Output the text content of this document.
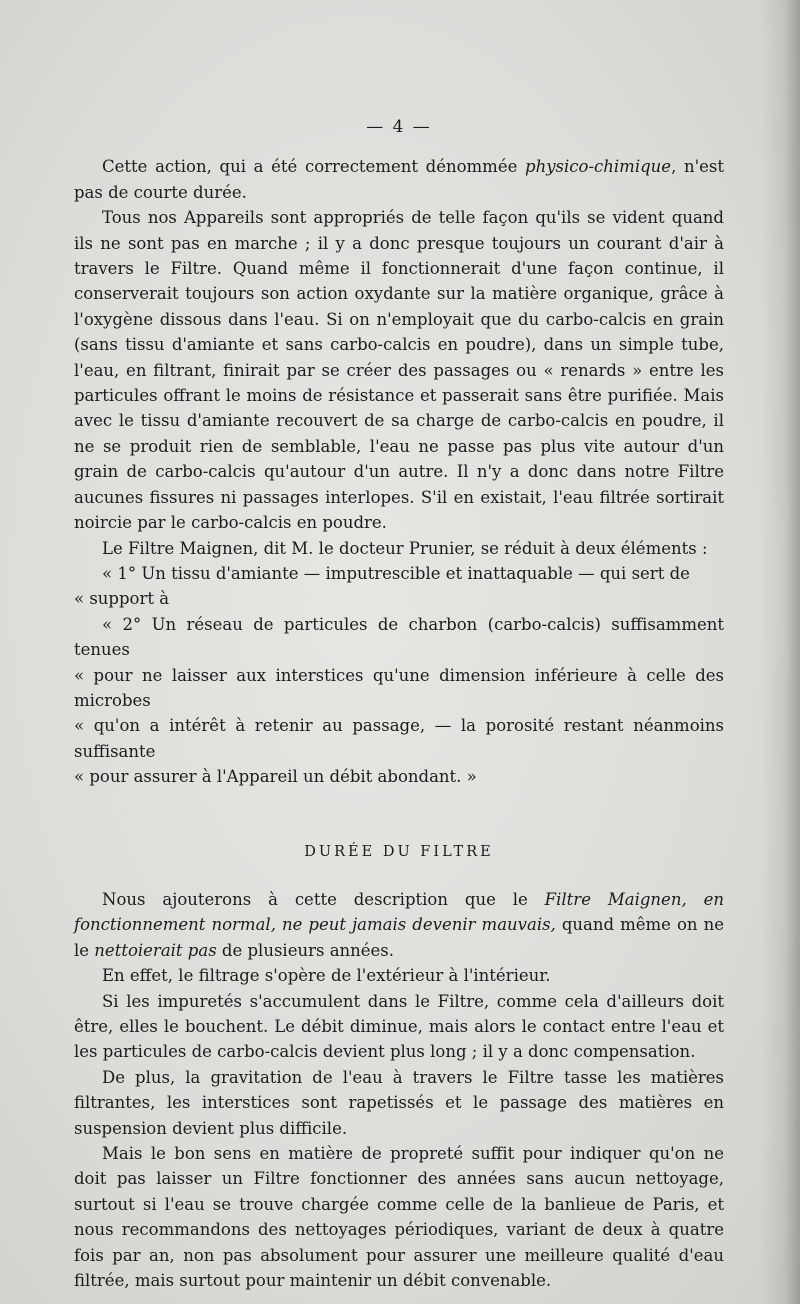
— 4 —

Cette action, qui a été correctement dénommée physico-chimique, n'est pas de courte durée.

Tous nos Appareils sont appropriés de telle façon qu'ils se vident quand ils ne sont pas en marche ; il y a donc presque toujours un courant d'air à travers le Filtre. Quand même il fonctionnerait d'une façon continue, il conserverait toujours son action oxydante sur la matière organique, grâce à l'oxygène dissous dans l'eau. Si on n'employait que du carbo-calcis en grain (sans tissu d'amiante et sans carbo-calcis en poudre), dans un simple tube, l'eau, en filtrant, finirait par se créer des passages ou « renards » entre les particules offrant le moins de résistance et passerait sans être purifiée. Mais avec le tissu d'amiante recouvert de sa charge de carbo-calcis en poudre, il ne se produit rien de semblable, l'eau ne passe pas plus vite autour d'un grain de carbo-calcis qu'autour d'un autre. Il n'y a donc dans notre Filtre aucunes fissures ni passages interlopes. S'il en existait, l'eau filtrée sortirait noircie par le carbo-calcis en poudre.

Le Filtre Maignen, dit M. le docteur Prunier, se réduit à deux éléments :

« 1° Un tissu d'amiante — imputrescible et inattaquable — qui sert de

« support à

« 2° Un réseau de particules de charbon (carbo-calcis) suffisamment tenues

« pour ne laisser aux interstices qu'une dimension inférieure à celle des microbes

« qu'on a intérêt à retenir au passage, — la porosité restant néanmoins suffisante

« pour assurer à l'Appareil un débit abondant. »

DURÉE DU FILTRE

Nous ajouterons à cette description que le Filtre Maignen, en fonctionnement normal, ne peut jamais devenir mauvais, quand même on ne le nettoierait pas de plusieurs années.

En effet, le filtrage s'opère de l'extérieur à l'intérieur.

Si les impuretés s'accumulent dans le Filtre, comme cela d'ailleurs doit être, elles le bouchent. Le débit diminue, mais alors le contact entre l'eau et les particules de carbo-calcis devient plus long ; il y a donc compensation.

De plus, la gravitation de l'eau à travers le Filtre tasse les matières filtrantes, les interstices sont rapetissés et le passage des matières en suspension devient plus difficile.

Mais le bon sens en matière de propreté suffit pour indiquer qu'on ne doit pas laisser un Filtre fonctionner des années sans aucun nettoyage, surtout si l'eau se trouve chargée comme celle de la banlieue de Paris, et nous recommandons des nettoyages périodiques, variant de deux à quatre fois par an, non pas absolument pour assurer une meilleure qualité d'eau filtrée, mais surtout pour maintenir un débit convenable.
